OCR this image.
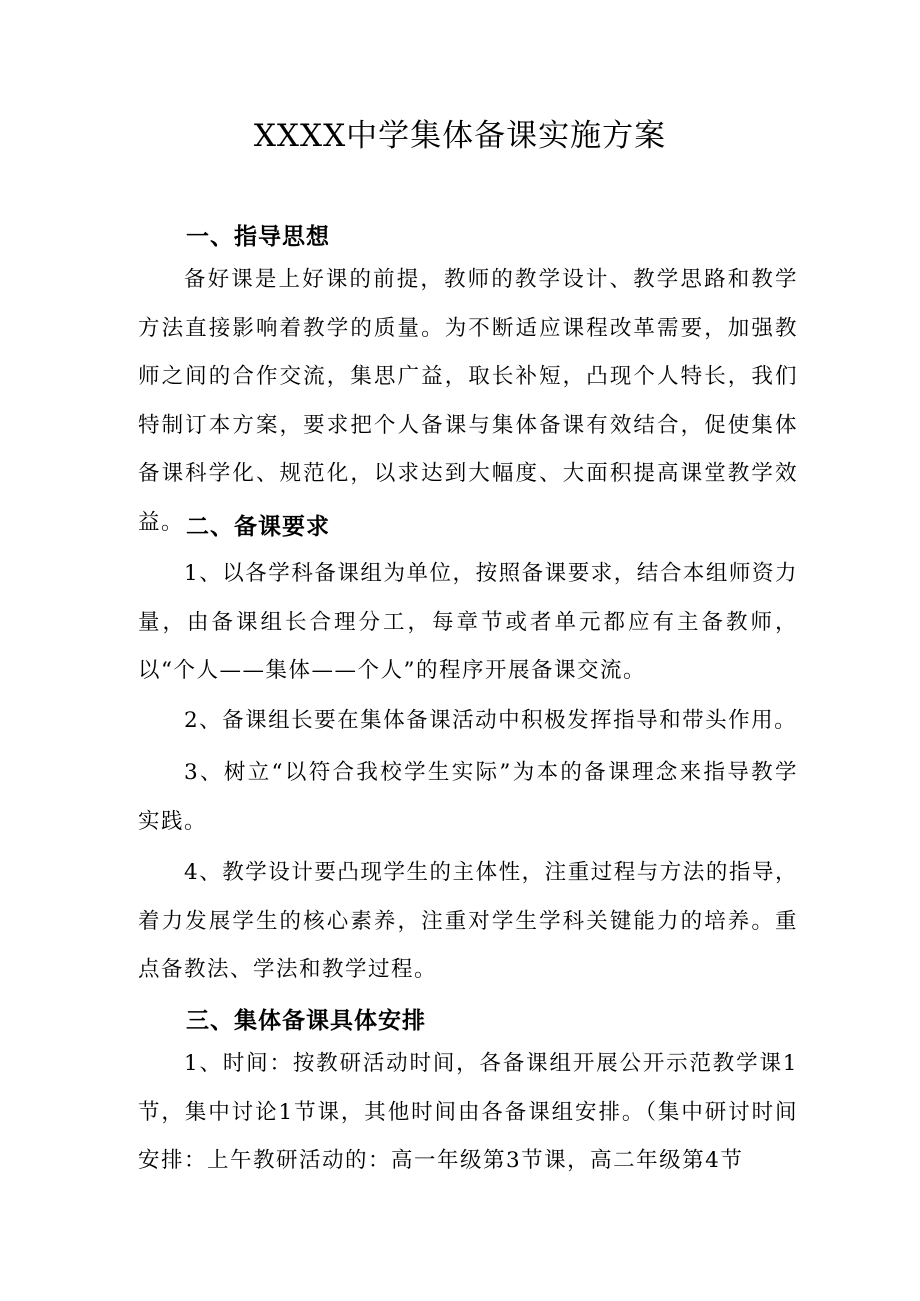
XXXX中学集体备课实施方案
一、指导思想
备好课是上好课的前提，教师的教学设计、教学思路和教学方法直接影响着教学的质量。为不断适应课程改革需要，加强教师之间的合作交流，集思广益，取长补短，凸现个人特长，我们特制订本方案，要求把个人备课与集体备课有效结合，促使集体备课科学化、规范化，以求达到大幅度、大面积提高课堂教学效益。 二、备课要求
1、以各学科备课组为单位，按照备课要求，结合本组师资力量，由备课组长合理分工，每章节或者单元都应有主备教师，以“个人——集体——个人”的程序开展备课交流。
2、备课组长要在集体备课活动中积极发挥指导和带头作用。
3、树立“以符合我校学生实际”为本的备课理念来指导教学实践。
4、教学设计要凸现学生的主体性，注重过程与方法的指导，着力发展学生的核心素养，注重对学生学科关键能力的培养。重点备教法、学法和教学过程。
三、集体备课具体安排
1、时间：按教研活动时间，各备课组开展公开示范教学课1节，集中讨论1节课，其他时间由各备课组安排。（集中研讨时间安排：上午教研活动的：高一年级第3节课，高二年级第4节
